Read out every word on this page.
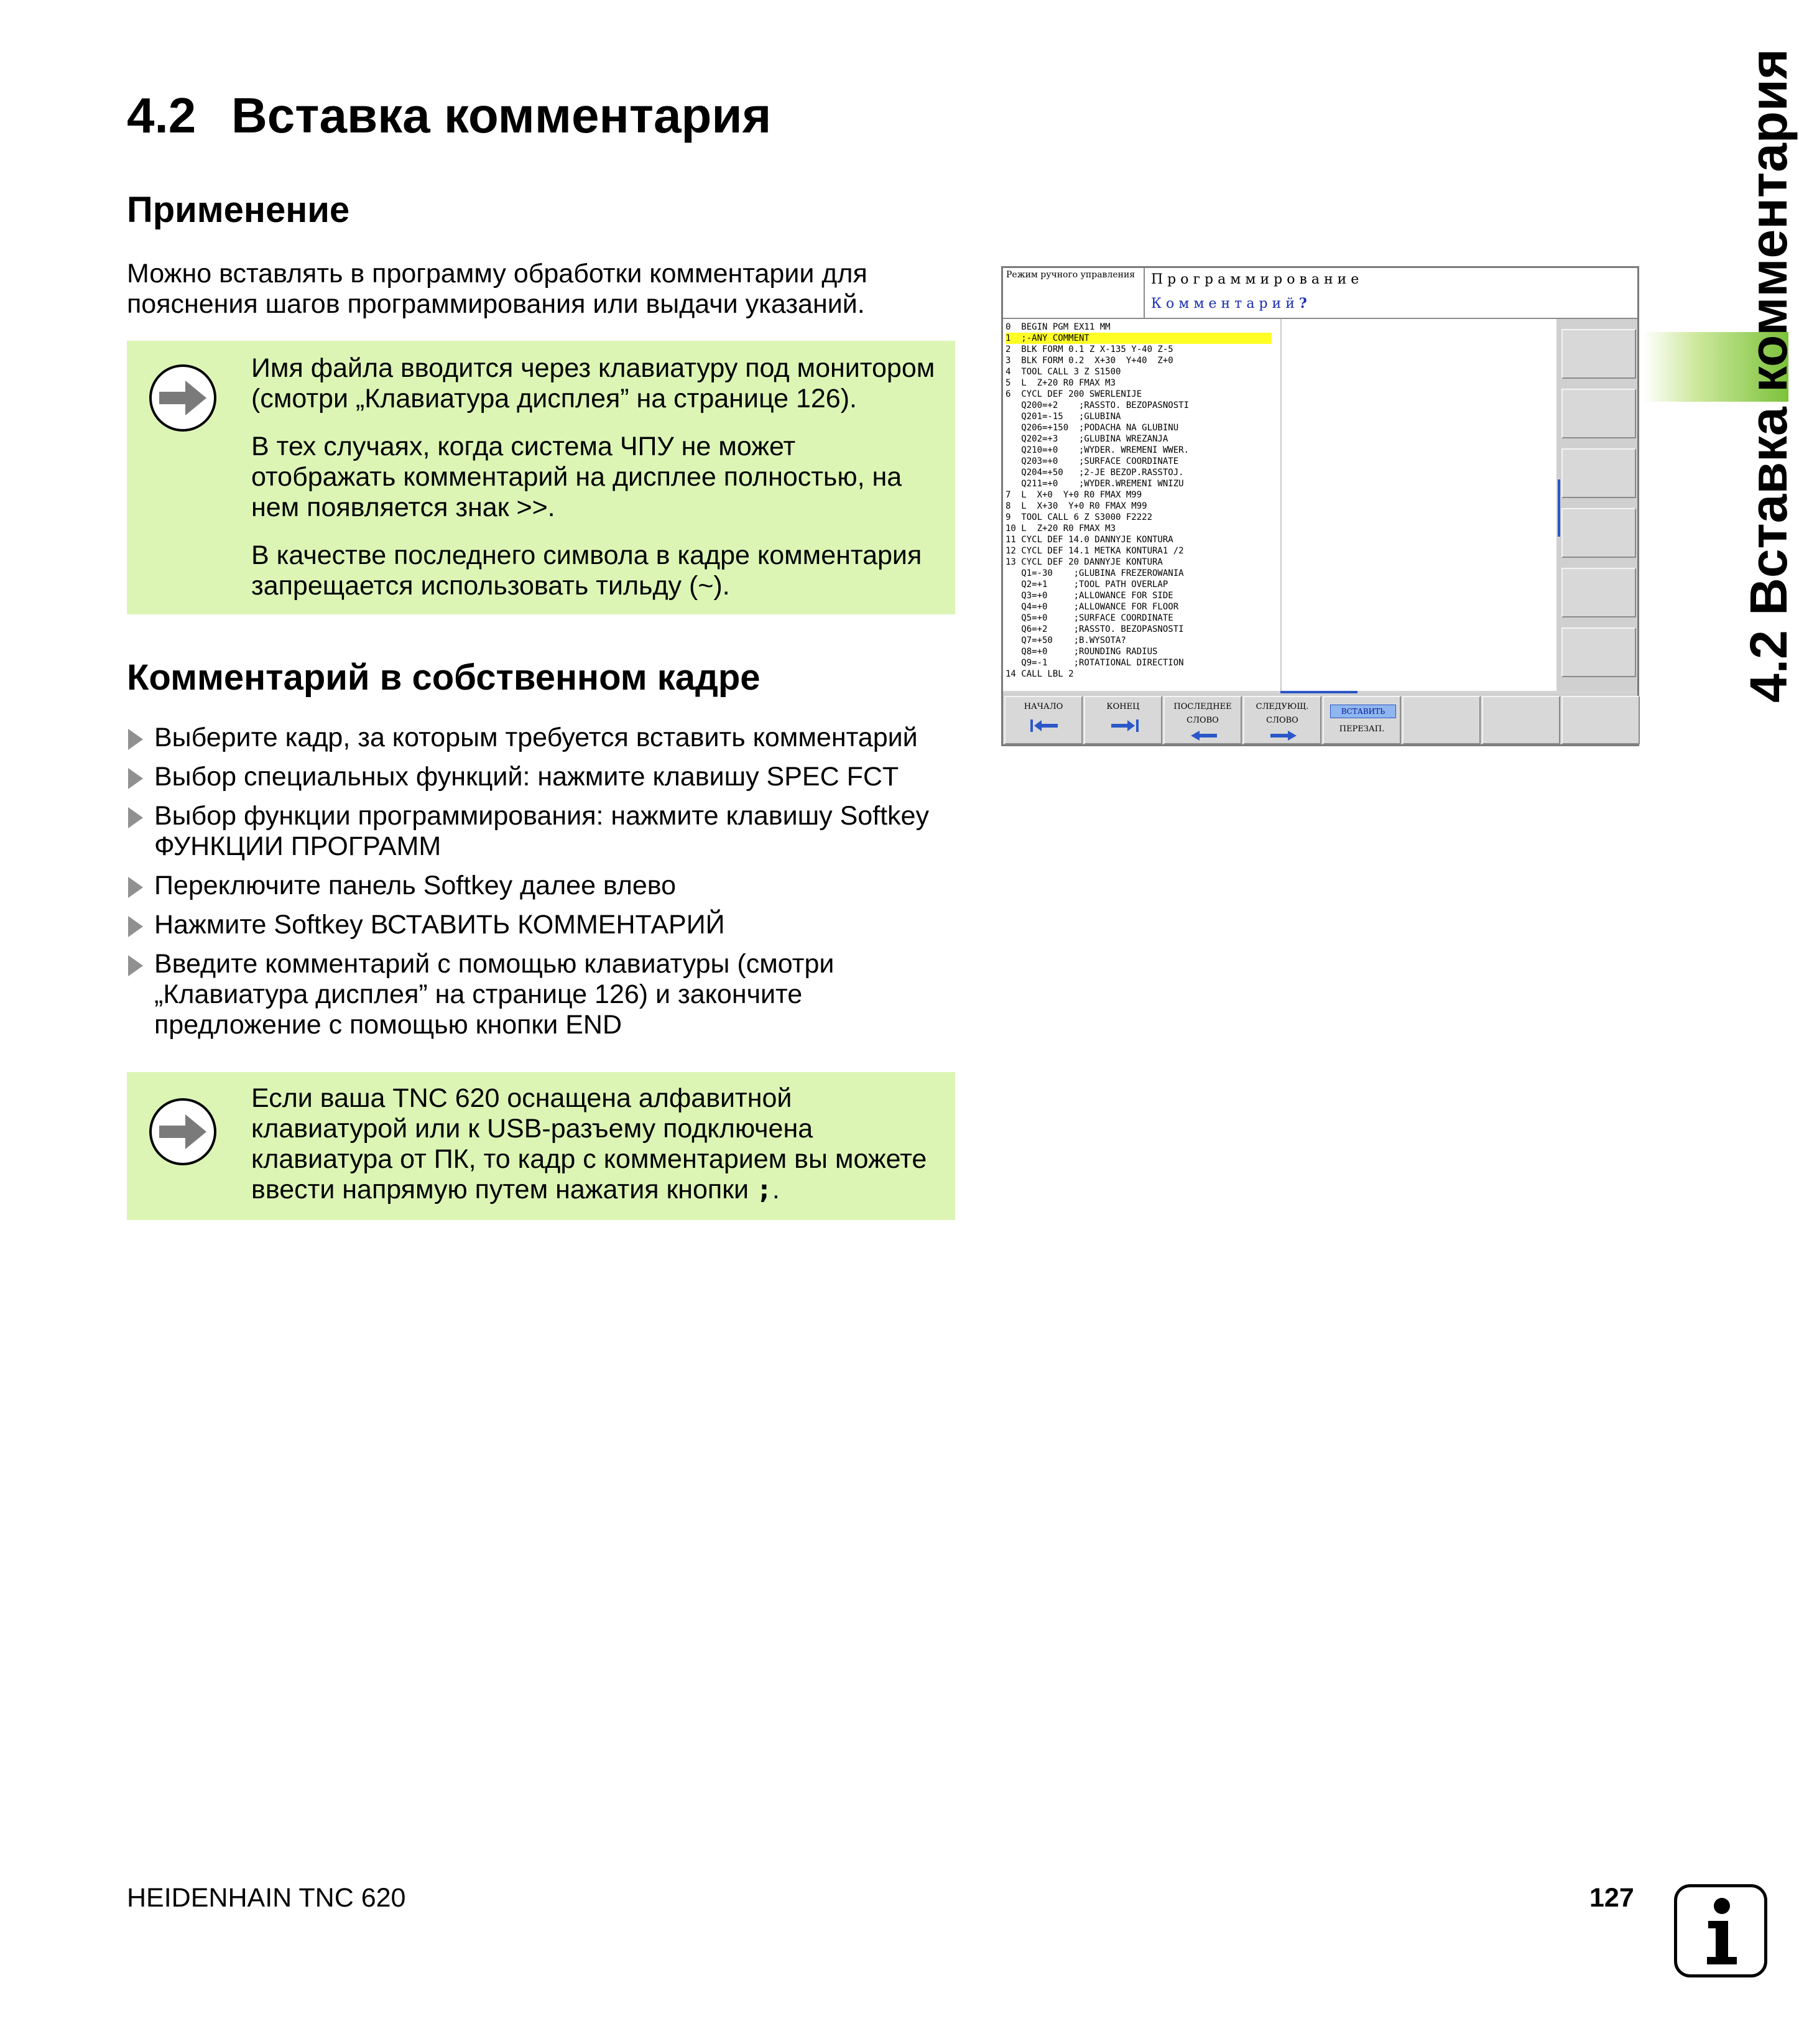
4.2 Вставка комментария	4.2 Вставка комментария
Применение

Можно вставлять в программу обработки комментарии для пояснения шагов программирования или выдачи указаний.

Имя файла вводится через клавиатуру под монитором (смотри „Клавиатура дисплея” на странице 126).

В тех случаях, когда система ЧПУ не может отображать комментарий на дисплее полностью, на нем появляется знак >>.

В качестве последнего символа в кадре комментария запрещается использовать тильду (~).

Комментарий в собственном кадре
Выберите кадр, за которым требуется вставить комментарий
Выбор специальных функций: нажмите клавишу SPEC FCT
Выбор функции программирования: нажмите клавишу Softkey ФУНКЦИИ ПРОГРАММ
Переключите панель Softkey далее влево
Нажмите Softkey ВСТАВИТЬ КОММЕНТАРИЙ
Введите комментарий с помощью клавиатуры (смотри „Клавиатура дисплея” на странице 126) и закончите предложение с помощью кнопки END

Если ваша TNC 620 оснащена алфавитной клавиатурой или к USB-разъему подключена клавиатура от ПК, то кадр с комментарием вы можете ввести напрямую путем нажатия кнопки ;.

Режим ручного управления	Программирование
Комментарий?
0  BEGIN PGM EX11 MM
1  ;-ANY COMMENT
2  BLK FORM 0.1 Z X-135 Y-40 Z-5
3  BLK FORM 0.2  X+30  Y+40  Z+0
4  TOOL CALL 3 Z S1500
5  L  Z+20 R0 FMAX M3
6  CYCL DEF 200 SWERLENIJE
Q200=+2    ;RASSTO. BEZOPASNOSTI
Q201=-15   ;GLUBINA
Q206=+150  ;PODACHA NA GLUBINU
Q202=+3    ;GLUBINA WREZANJA
Q210=+0    ;WYDER. WREMENI WWER.
Q203=+0    ;SURFACE COORDINATE
Q204=+50   ;2-JE BEZOP.RASSTOJ.
Q211=+0    ;WYDER.WREMENI WNIZU
7  L  X+0  Y+0 R0 FMAX M99
8  L  X+30  Y+0 R0 FMAX M99
9  TOOL CALL 6 Z S3000 F2222
10 L  Z+20 R0 FMAX M3
11 CYCL DEF 14.0 DANNYJE KONTURA
12 CYCL DEF 14.1 METKA KONTURA1 /2
13 CYCL DEF 20 DANNYJE KONTURA
Q1=-30    ;GLUBINA FREZEROWANIA
Q2=+1     ;TOOL PATH OVERLAP
Q3=+0     ;ALLOWANCE FOR SIDE
Q4=+0     ;ALLOWANCE FOR FLOOR
Q5=+0     ;SURFACE COORDINATE
Q6=+2     ;RASSTO. BEZOPASNOSTI
Q7=+50    ;B.WYSOTA?
Q8=+0     ;ROUNDING RADIUS
Q9=-1     ;ROTATIONAL DIRECTION
14 CALL LBL 2
НАЧАЛО	КОНЕЦ	ПОСЛЕДНЕЕ
СЛОВО
СЛЕДУЮЩ.
СЛОВО
ВСТАВИТЬ
ПЕРЕЗАП.
HEIDENHAIN TNC 620	127
